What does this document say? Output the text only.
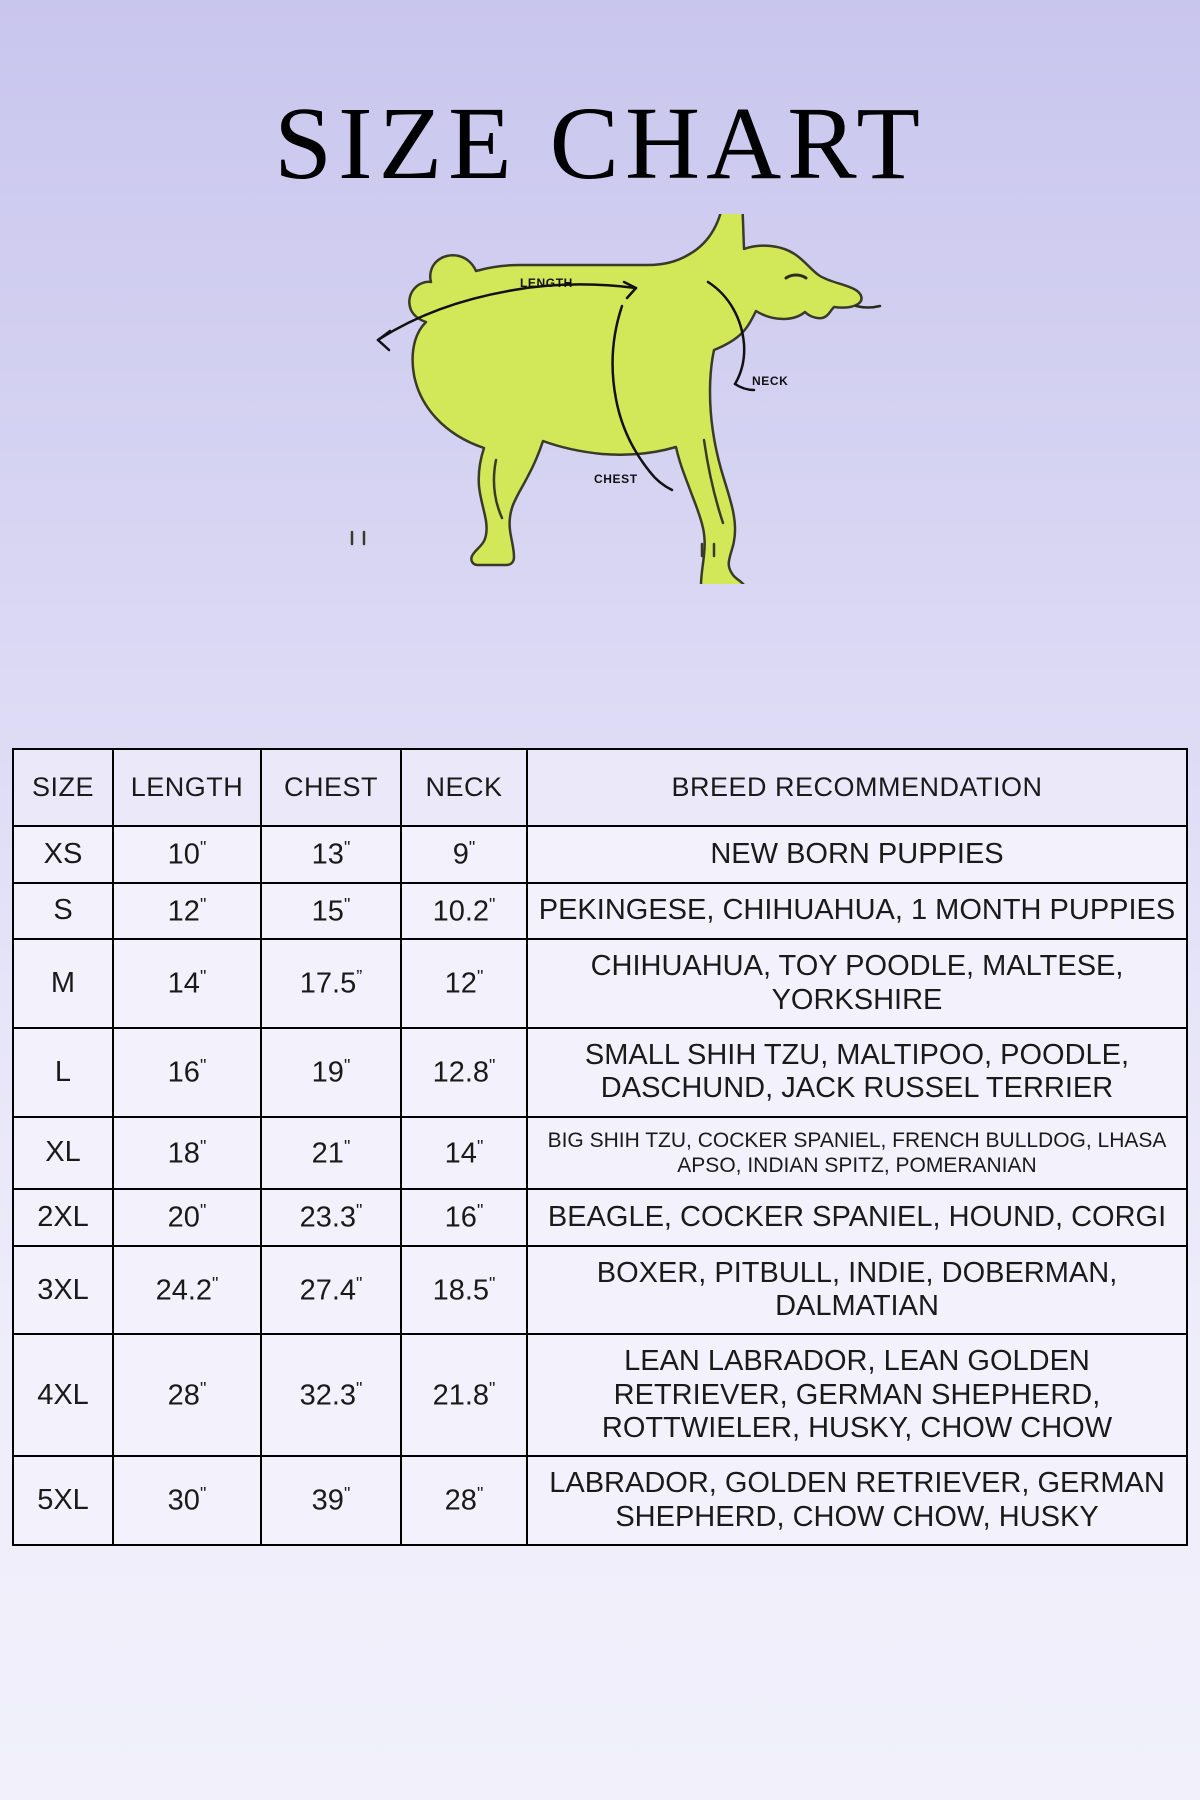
SIZE CHART
LENGTH
NECK
CHEST
SIZE	LENGTH	CHEST	NECK	BREED RECOMMENDATION
XS	10"	13"	9"	NEW BORN PUPPIES
S	12"	15"	10.2"	PEKINGESE, CHIHUAHUA, 1 MONTH PUPPIES
M	14"	17.5”	12"	CHIHUAHUA, TOY POODLE, MALTESE, YORKSHIRE
L	16"	19"	12.8"	SMALL SHIH TZU, MALTIPOO, POODLE, DASCHUND, JACK RUSSEL TERRIER
XL	18"	21"	14"	BIG SHIH TZU, COCKER SPANIEL, FRENCH BULLDOG, LHASA APSO, INDIAN SPITZ, POMERANIAN
2XL	20"	23.3"	16"	BEAGLE, COCKER SPANIEL, HOUND, CORGI
3XL	24.2"	27.4"	18.5"	BOXER, PITBULL, INDIE, DOBERMAN, DALMATIAN
4XL	28"	32.3"	21.8"	LEAN LABRADOR, LEAN GOLDEN RETRIEVER, GERMAN SHEPHERD, ROTTWIELER, HUSKY, CHOW CHOW
5XL	30"	39"	28"	LABRADOR, GOLDEN RETRIEVER, GERMAN SHEPHERD, CHOW CHOW, HUSKY
